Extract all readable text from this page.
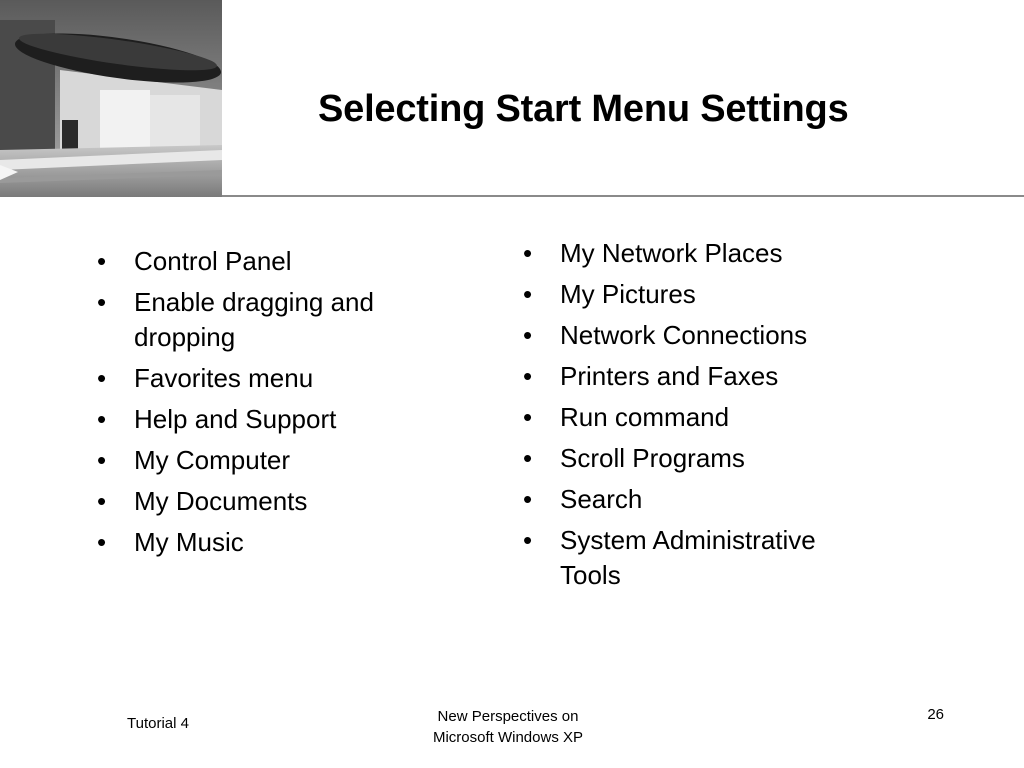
Selecting Start Menu Settings
• Control Panel
• Enable dragging and dropping
• Favorites menu
• Help and Support
• My Computer
• My Documents
• My Music
• My Network Places
• My Pictures
• Network Connections
• Printers and Faxes
• Run command
• Scroll Programs
• Search
• System Administrative Tools
Tutorial 4	New Perspectives on
Microsoft Windows XP
26
